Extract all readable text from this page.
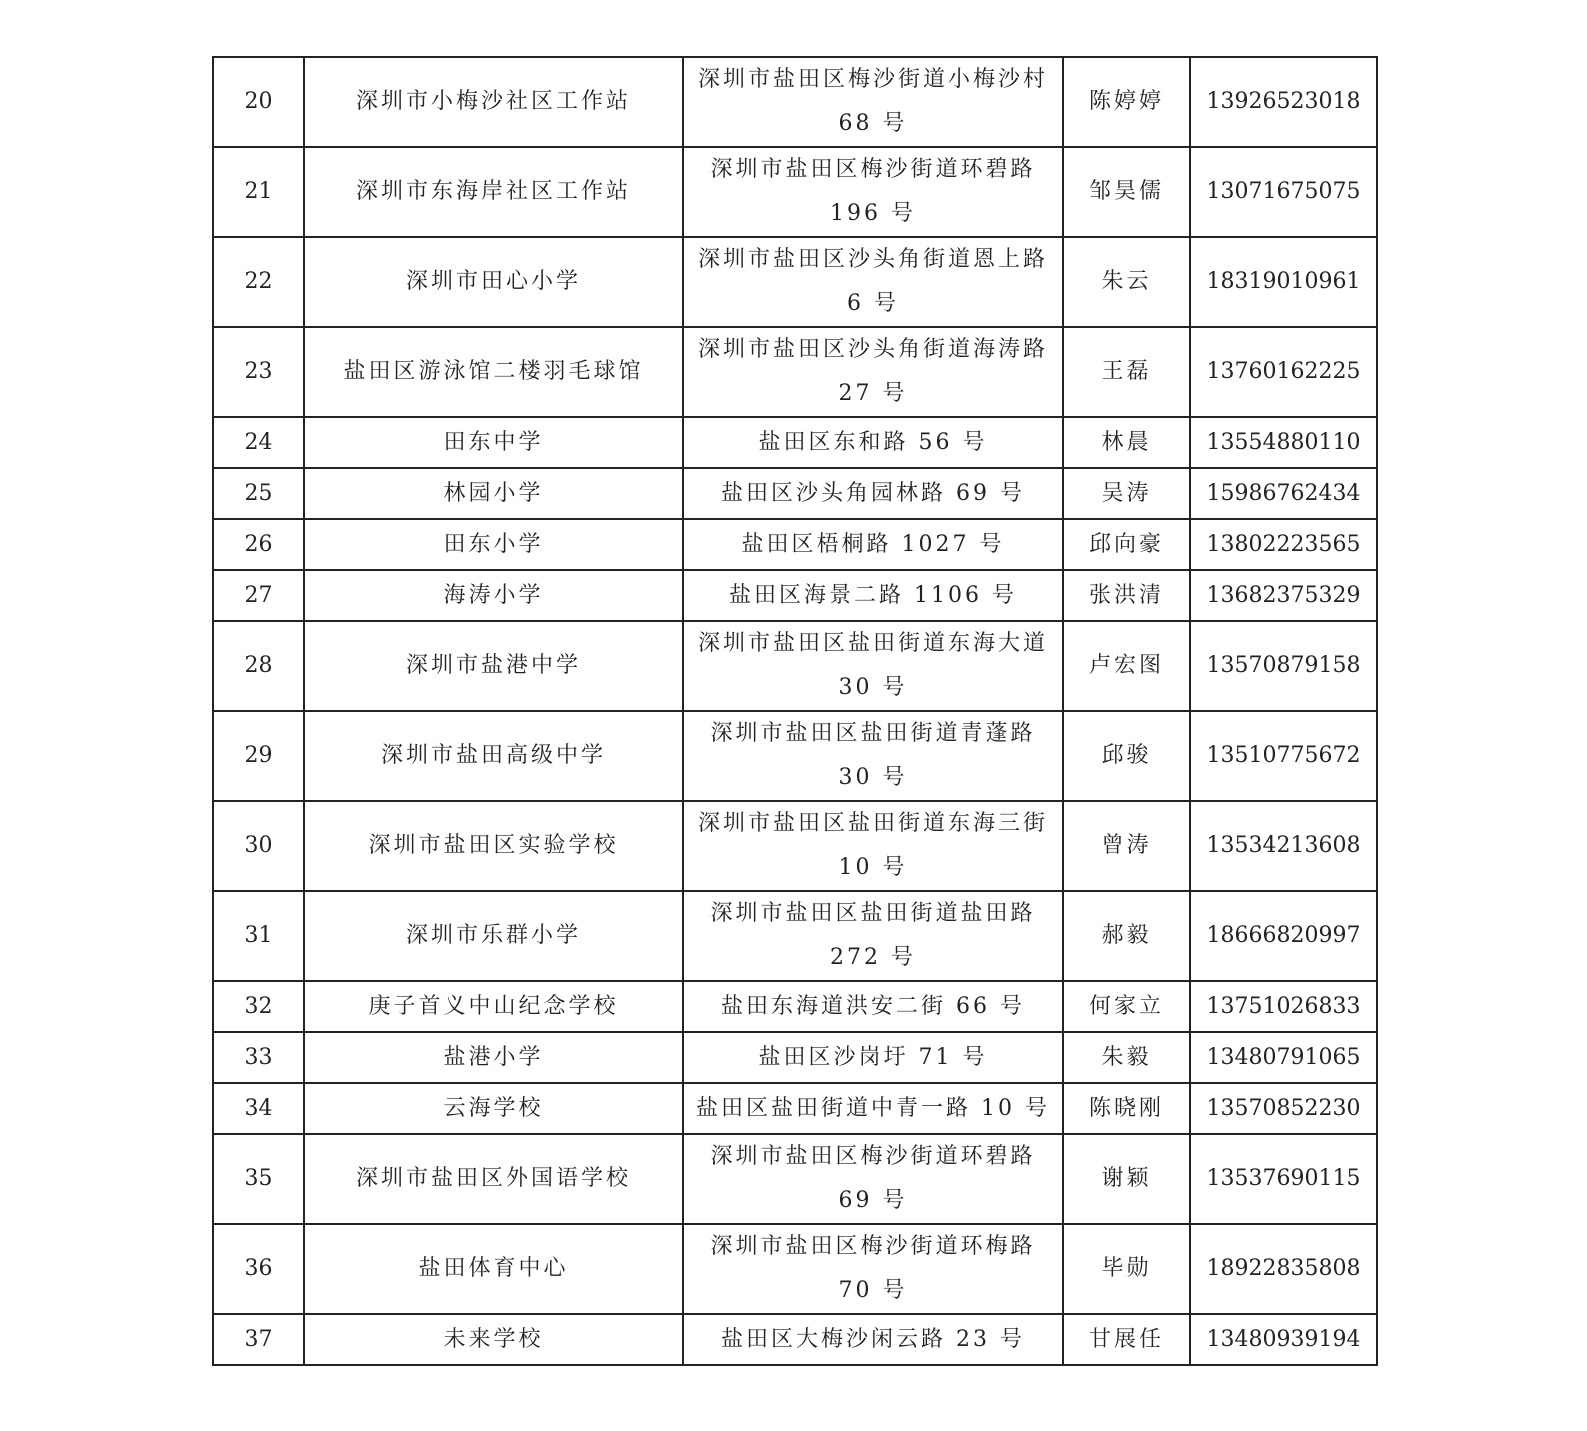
20	深圳市小梅沙社区工作站	深圳市盐田区梅沙街道小梅沙村 68 号	陈婷婷	13926523018
21	深圳市东海岸社区工作站	深圳市盐田区梅沙街道环碧路 196 号	邹昊儒	13071675075
22	深圳市田心小学	深圳市盐田区沙头角街道恩上路 6 号	朱云	18319010961
23	盐田区游泳馆二楼羽毛球馆	深圳市盐田区沙头角街道海涛路 27 号	王磊	13760162225
24	田东中学	盐田区东和路 56 号	林晨	13554880110
25	林园小学	盐田区沙头角园林路 69 号	吴涛	15986762434
26	田东小学	盐田区梧桐路 1027 号	邱向豪	13802223565
27	海涛小学	盐田区海景二路 1106 号	张洪清	13682375329
28	深圳市盐港中学	深圳市盐田区盐田街道东海大道 30 号	卢宏图	13570879158
29	深圳市盐田高级中学	深圳市盐田区盐田街道青蓬路 30 号	邱骏	13510775672
30	深圳市盐田区实验学校	深圳市盐田区盐田街道东海三街 10 号	曾涛	13534213608
31	深圳市乐群小学	深圳市盐田区盐田街道盐田路 272 号	郝毅	18666820997
32	庚子首义中山纪念学校	盐田东海道洪安二街 66 号	何家立	13751026833
33	盐港小学	盐田区沙岗圩 71 号	朱毅	13480791065
34	云海学校	盐田区盐田街道中青一路 10 号	陈晓刚	13570852230
35	深圳市盐田区外国语学校	深圳市盐田区梅沙街道环碧路 69 号	谢颖	13537690115
36	盐田体育中心	深圳市盐田区梅沙街道环梅路 70 号	毕勋	18922835808
37	未来学校	盐田区大梅沙闲云路 23 号	甘展任	13480939194
